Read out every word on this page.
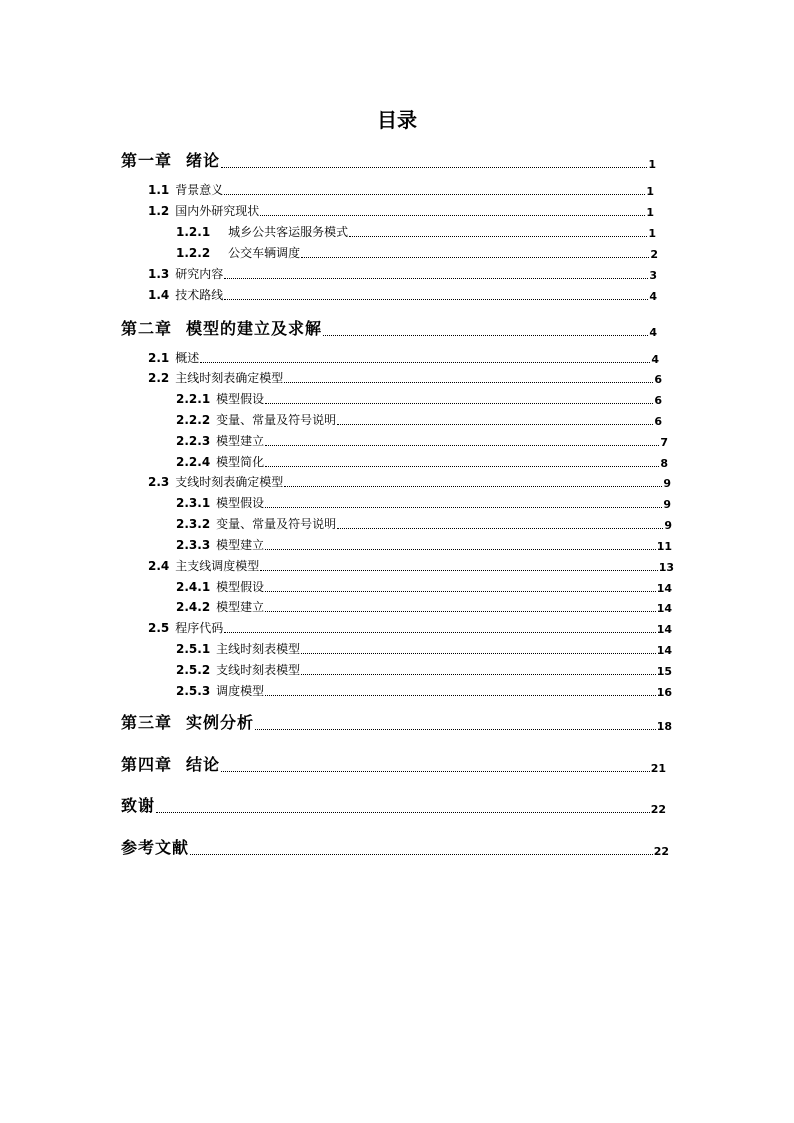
目录
第一章 绪论	1
1.1 背景意义	1
1.2 国内外研究现状	1
1.2.1 城乡公共客运服务模式	1
1.2.2 公交车辆调度	2
1.3 研究内容	3
1.4 技术路线	4
第二章 模型的建立及求解	4
2.1 概述	4
2.2 主线时刻表确定模型	6
2.2.1 模型假设	6
2.2.2 变量、常量及符号说明	6
2.2.3 模型建立	7
2.2.4 模型简化	8
2.3 支线时刻表确定模型	9
2.3.1 模型假设	9
2.3.2 变量、常量及符号说明	9
2.3.3 模型建立	11
2.4 主支线调度模型	13
2.4.1 模型假设	14
2.4.2 模型建立	14
2.5 程序代码	14
2.5.1 主线时刻表模型	14
2.5.2 支线时刻表模型	15
2.5.3 调度模型	16
第三章 实例分析	18
第四章 结论	21
致谢	22
参考文献	22
